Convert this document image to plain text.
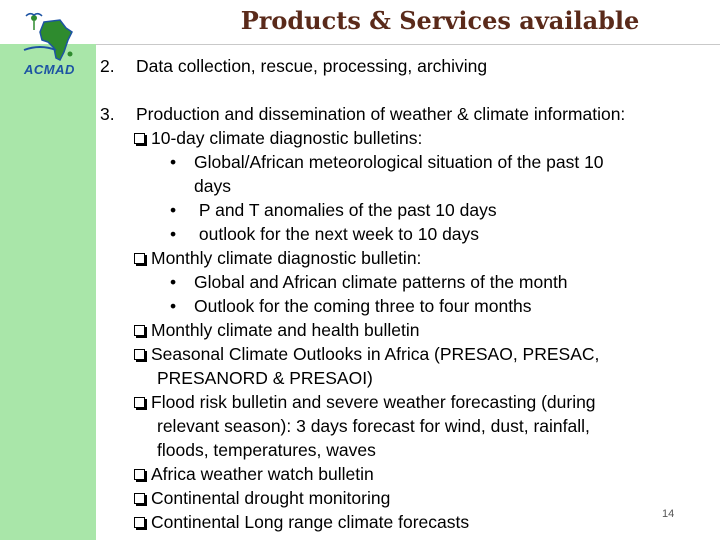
ACMAD
Products & Services available
2. Data collection, rescue, processing, archiving
3. Production and dissemination of weather & climate information:
10-day climate diagnostic bulletins:
• Global/African meteorological situation of the past 10
days
• P and T anomalies of the past 10 days
• outlook for the next week to 10 days
Monthly climate diagnostic bulletin:
• Global and African climate patterns of the month
• Outlook for the coming three to four months
Monthly climate and health bulletin
Seasonal Climate Outlooks in Africa (PRESAO, PRESAC,
PRESANORD & PRESAOI)
Flood risk bulletin and severe weather forecasting (during
relevant season): 3 days forecast for wind, dust, rainfall,
floods, temperatures, waves
Africa weather watch bulletin
Continental drought monitoring
Continental Long range climate forecasts	14
